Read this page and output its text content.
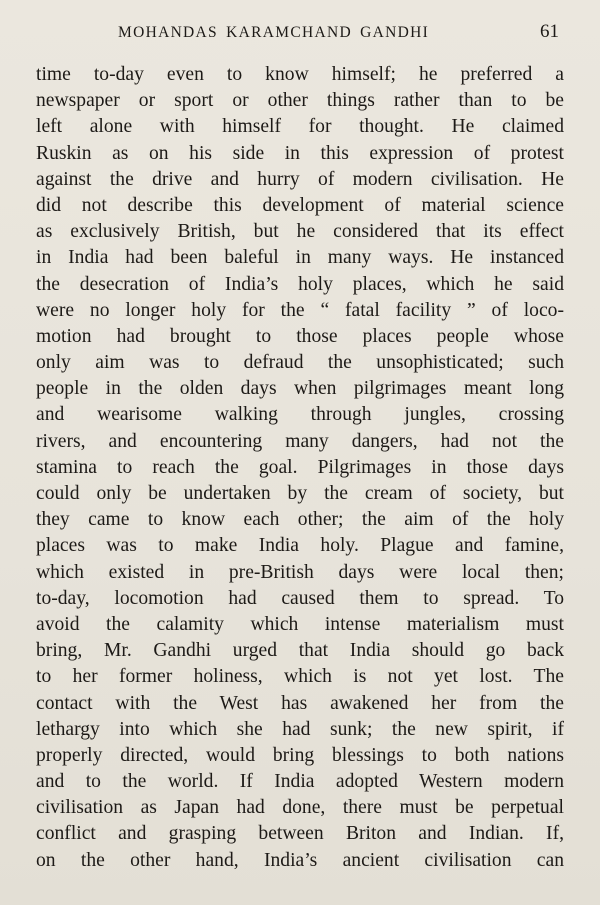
MOHANDAS KARAMCHAND GANDHI	61
time to-day even to know himself; he preferred a
newspaper or sport or other things rather than to be
left alone with himself for thought. He claimed
Ruskin as on his side in this expression of protest
against the drive and hurry of modern civilisation. He
did not describe this development of material science
as exclusively British, but he considered that its effect
in India had been baleful in many ways. He instanced
the desecration of India’s holy places, which he said
were no longer holy for the “ fatal facility ” of loco-
motion had brought to those places people whose
only aim was to defraud the unsophisticated; such
people in the olden days when pilgrimages meant long
and wearisome walking through jungles, crossing
rivers, and encountering many dangers, had not the
stamina to reach the goal. Pilgrimages in those days
could only be undertaken by the cream of society, but
they came to know each other; the aim of the holy
places was to make India holy. Plague and famine,
which existed in pre-British days were local then;
to-day, locomotion had caused them to spread. To
avoid the calamity which intense materialism must
bring, Mr. Gandhi urged that India should go back
to her former holiness, which is not yet lost. The
contact with the West has awakened her from the
lethargy into which she had sunk; the new spirit, if
properly directed, would bring blessings to both nations
and to the world. If India adopted Western modern
civilisation as Japan had done, there must be perpetual
conflict and grasping between Briton and Indian. If,
on the other hand, India’s ancient civilisation can
